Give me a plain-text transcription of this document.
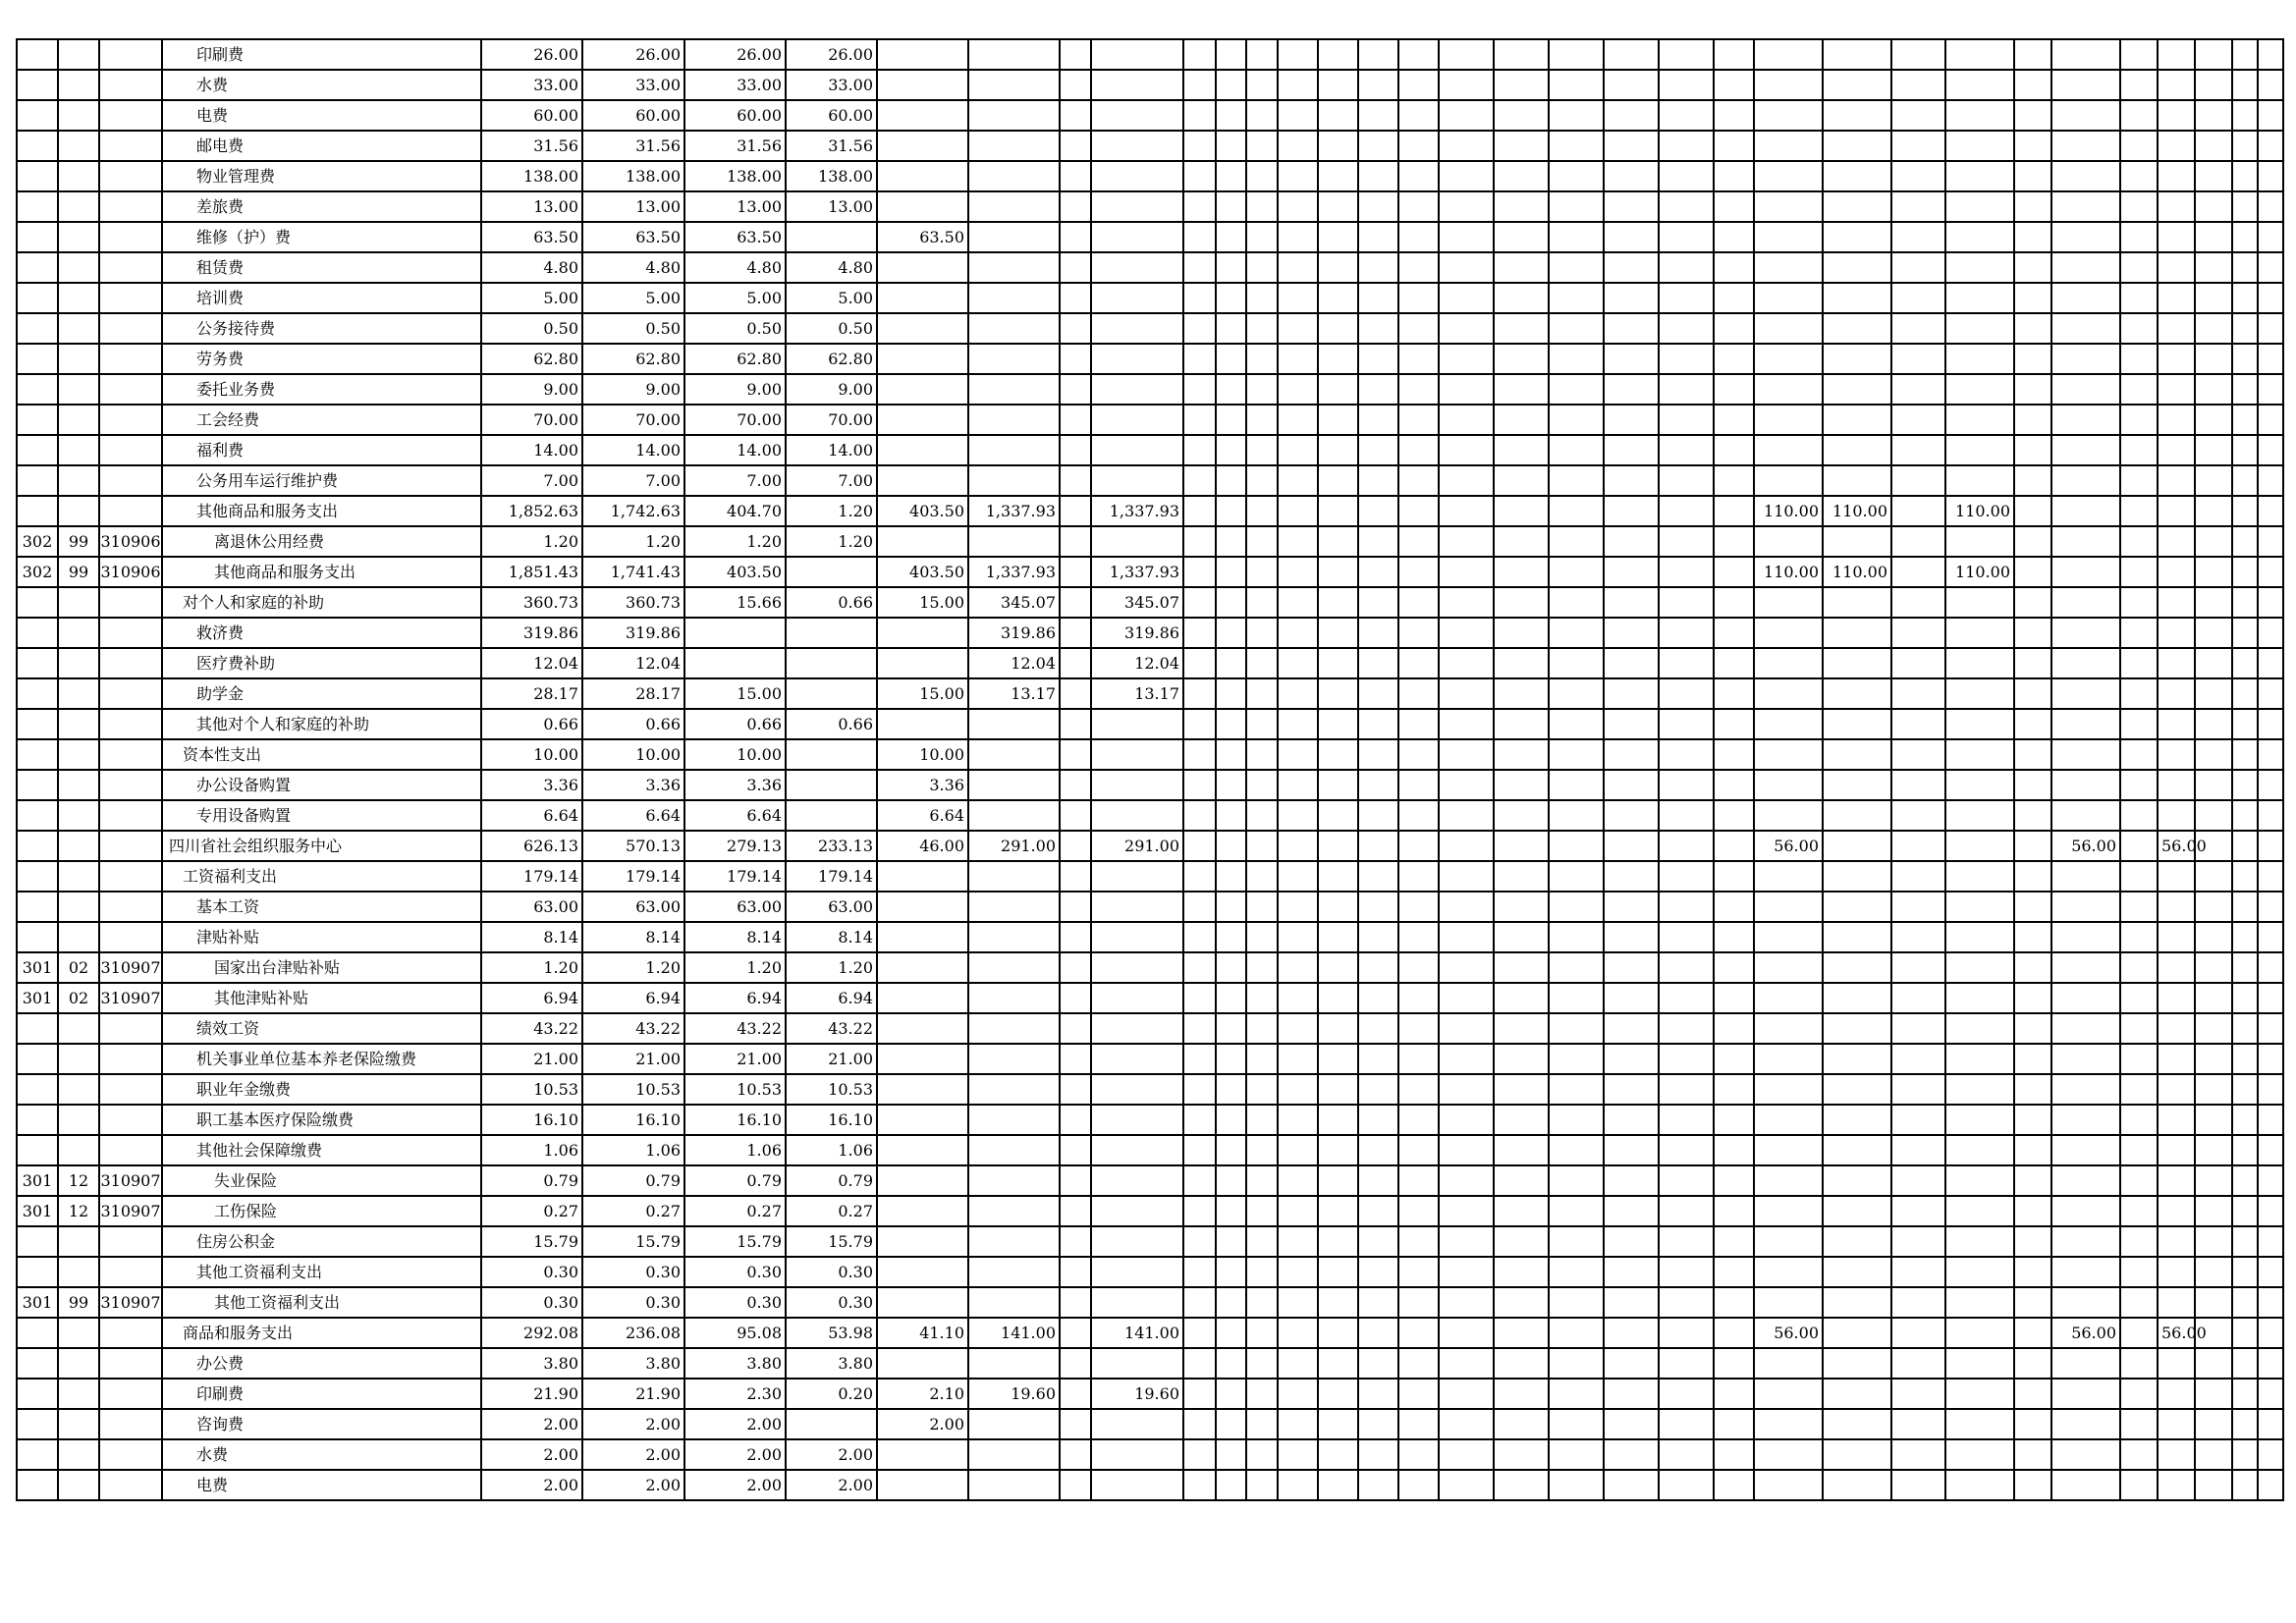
			印刷费	26.00	26.00	26.00	26.00																													
			水费	33.00	33.00	33.00	33.00																													
			电费	60.00	60.00	60.00	60.00																													
			邮电费	31.56	31.56	31.56	31.56																													
			物业管理费	138.00	138.00	138.00	138.00																													
			差旅费	13.00	13.00	13.00	13.00																													
			维修（护）费	63.50	63.50	63.50		63.50																												
			租赁费	4.80	4.80	4.80	4.80																													
			培训费	5.00	5.00	5.00	5.00																													
			公务接待费	0.50	0.50	0.50	0.50																													
			劳务费	62.80	62.80	62.80	62.80																													
			委托业务费	9.00	9.00	9.00	9.00																													
			工会经费	70.00	70.00	70.00	70.00																													
			福利费	14.00	14.00	14.00	14.00																													
			公务用车运行维护费	7.00	7.00	7.00	7.00																													
			其他商品和服务支出	1,852.63	1,742.63	404.70	1.20	403.50	1,337.93		1,337.93														110.00	110.00		110.00								
302	99	310906	离退休公用经费	1.20	1.20	1.20	1.20																													
302	99	310906	其他商品和服务支出	1,851.43	1,741.43	403.50		403.50	1,337.93		1,337.93														110.00	110.00		110.00								
			对个人和家庭的补助	360.73	360.73	15.66	0.66	15.00	345.07		345.07																									
			救济费	319.86	319.86				319.86		319.86																									
			医疗费补助	12.04	12.04				12.04		12.04																									
			助学金	28.17	28.17	15.00		15.00	13.17		13.17																									
			其他对个人和家庭的补助	0.66	0.66	0.66	0.66																													
			资本性支出	10.00	10.00	10.00		10.00																												
			办公设备购置	3.36	3.36	3.36		3.36																												
			专用设备购置	6.64	6.64	6.64		6.64																												
			四川省社会组织服务中心	626.13	570.13	279.13	233.13	46.00	291.00		291.00														56.00					56.00		56.00				
			工资福利支出	179.14	179.14	179.14	179.14																													
			基本工资	63.00	63.00	63.00	63.00																													
			津贴补贴	8.14	8.14	8.14	8.14																													
301	02	310907	国家出台津贴补贴	1.20	1.20	1.20	1.20																													
301	02	310907	其他津贴补贴	6.94	6.94	6.94	6.94																													
			绩效工资	43.22	43.22	43.22	43.22																													
			机关事业单位基本养老保险缴费	21.00	21.00	21.00	21.00																													
			职业年金缴费	10.53	10.53	10.53	10.53																													
			职工基本医疗保险缴费	16.10	16.10	16.10	16.10																													
			其他社会保障缴费	1.06	1.06	1.06	1.06																													
301	12	310907	失业保险	0.79	0.79	0.79	0.79																													
301	12	310907	工伤保险	0.27	0.27	0.27	0.27																													
			住房公积金	15.79	15.79	15.79	15.79																													
			其他工资福利支出	0.30	0.30	0.30	0.30																													
301	99	310907	其他工资福利支出	0.30	0.30	0.30	0.30																													
			商品和服务支出	292.08	236.08	95.08	53.98	41.10	141.00		141.00														56.00					56.00		56.00				
			办公费	3.80	3.80	3.80	3.80																													
			印刷费	21.90	21.90	2.30	0.20	2.10	19.60		19.60																									
			咨询费	2.00	2.00	2.00		2.00																												
			水费	2.00	2.00	2.00	2.00																													
			电费	2.00	2.00	2.00	2.00																													
